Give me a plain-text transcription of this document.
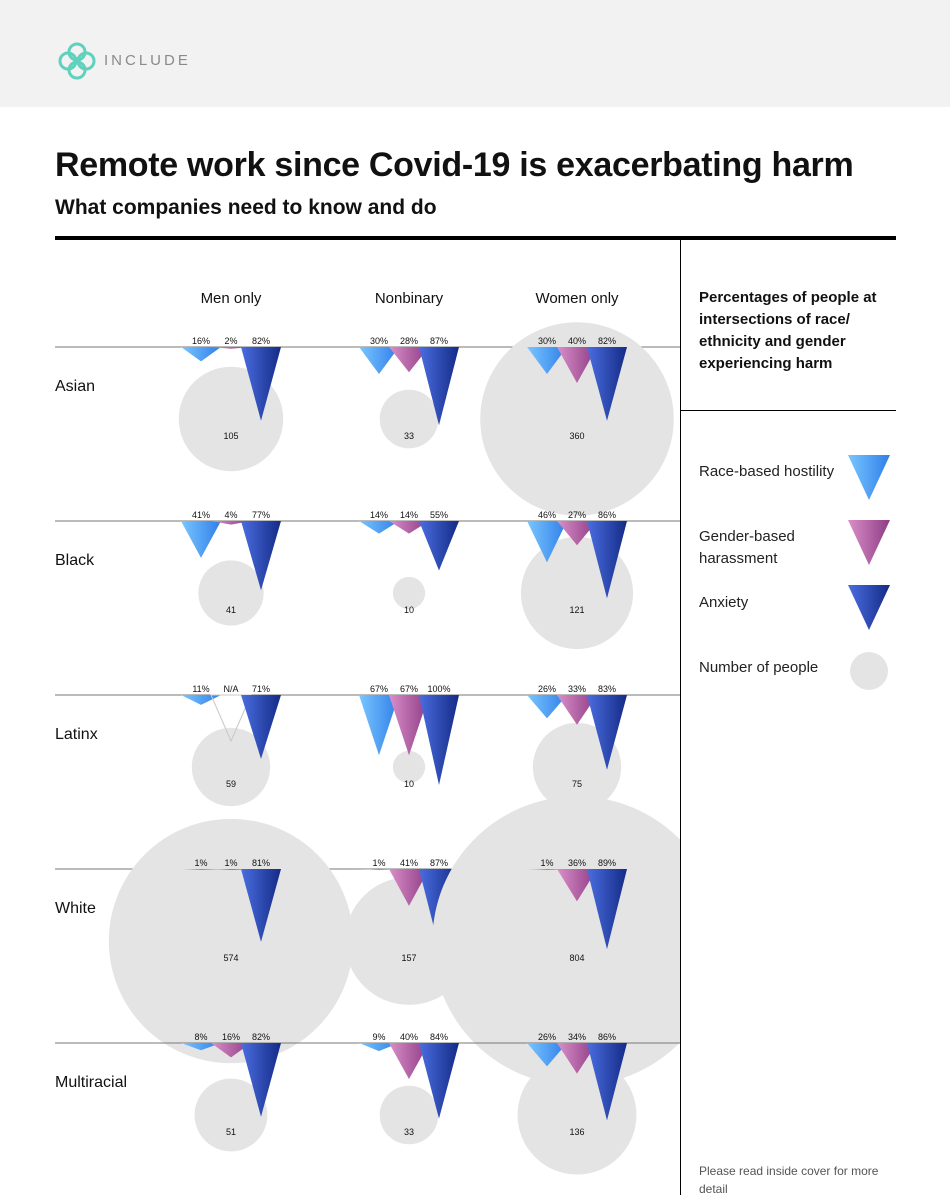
INCLUDE
Remote work since Covid-19 is exacerbating harm
What companies need to know and do

Percentages of people at intersections of race/ ethnicity and gender experiencing harm

Race-based hostility
Gender-based harassment
Anxiety
Number of people
Please read inside cover for more detail
Men only	Nonbinary	Women only
Asian
16% 2% 82%
105
30% 28% 87%
33
30% 40% 82%
360
Black
41% 4% 77%
41
14% 14% 55%
10
46% 27% 86%
121
Latinx
11% N/A 71%
59
67% 67% 100%
10
26% 33% 83%
75
White
1% 1% 81%
574
1% 41% 87%
157
1% 36% 89%
804
Multiracial
8% 16% 82%
51
9% 40% 84%
33
26% 34% 86%
136
